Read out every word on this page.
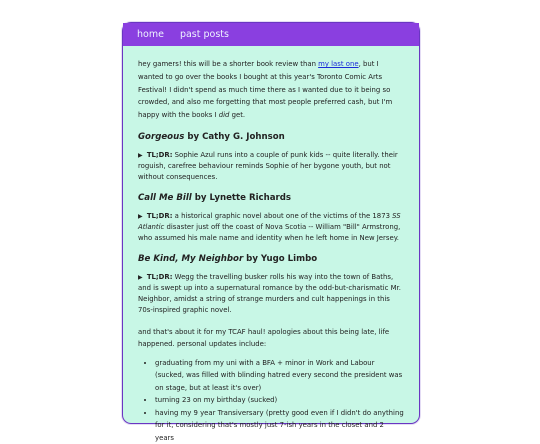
home past posts

hey gamers! this will be a shorter book review than my last one, but I wanted to go over the books I bought at this year's Toronto Comic Arts Festival! I didn't spend as much time there as I wanted due to it being so crowded, and also me forgetting that most people preferred cash, but I'm happy with the books I did get.

Gorgeous by Cathy G. Johnson

▶ TL;DR: Sophie Azul runs into a couple of punk kids -- quite literally. their roguish, carefree behaviour reminds Sophie of her bygone youth, but not without consequences.

Call Me Bill by Lynette Richards

▶ TL;DR: a historical graphic novel about one of the victims of the 1873 SS Atlantic disaster just off the coast of Nova Scotia -- William "Bill" Armstrong, who assumed his male name and identity when he left home in New Jersey.

Be Kind, My Neighbor by Yugo Limbo

▶ TL;DR: Wegg the travelling busker rolls his way into the town of Baths, and is swept up into a supernatural romance by the odd-but-charismatic Mr. Neighbor, amidst a string of strange murders and cult happenings in this 70s-inspired graphic novel.

and that's about it for my TCAF haul! apologies about this being late, life happened. personal updates include:

• graduating from my uni with a BFA + minor in Work and Labour (sucked, was filled with blinding hatred every second the president was on stage, but at least it's over)
• turning 23 on my birthday (sucked)
• having my 9 year Transiversary (pretty good even if I didn't do anything for it, considering that's mostly just 7-ish years in the closet and 2 years
